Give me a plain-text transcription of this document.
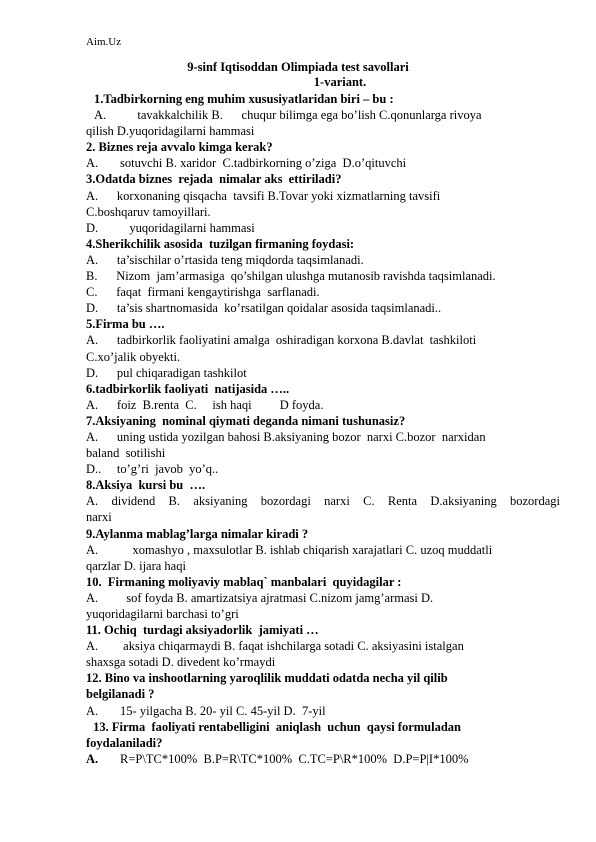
Aim.Uz
9-sinf Iqtisoddan Olimpiada test savollari
1-variant.
1.Tadbirkorning eng muhim xususiyatlaridan biri – bu :
A.          tavakkalchilik B.      chuqur bilimga ega bo’lish C.qonunlarga rivoya
qilish D.yuqoridagilarni hammasi
2. Biznes reja avvalo kimga kerak?
A.       sotuvchi B. xaridor  C.tadbirkorning o’ziga  D.o’qituvchi
3.Odatda biznes  rejada  nimalar aks  ettiriladi?
A.      korxonaning qisqacha  tavsifi B.Tovar yoki xizmatlarning tavsifi
C.boshqaruv tamoyillari.
D.          yuqoridagilarni hammasi
4.Sherikchilik asosida  tuzilgan firmaning foydasi:
A.      ta’sischilar o’rtasida teng miqdorda taqsimlanadi.
B.      Nizom  jam’armasiga  qo’shilgan ulushga mutanosib ravishda taqsimlanadi.
C.      faqat  firmani kengaytirishga  sarflanadi.
D.      ta’sis shartnomasida  ko’rsatilgan qoidalar asosida taqsimlanadi..
5.Firma bu ….
A.      tadbirkorlik faoliyatini amalga  oshiradigan korxona B.davlat  tashkiloti
C.xo’jalik obyekti.
D.      pul chiqaradigan tashkilot
6.tadbirkorlik faoliyati  natijasida …..
A.      foiz  B.renta  C.     ish haqi         D foyda.
7.Aksiyaning  nominal qiymati deganda nimani tushunasiz?
A.      uning ustida yozilgan bahosi B.aksiyaning bozor  narxi C.bozor  narxidan
baland  sotilishi
D..     to’g’ri  javob  yo’q..
8.Aksiya  kursi bu  ….
A. dividend B. aksiyaning bozordagi narxi C. Renta D.aksiyaning bozordagi
narxi
9.Aylanma mablag’larga nimalar kiradi ?
A.           xomashyo , maxsulotlar B. ishlab chiqarish xarajatlari C. uzoq muddatli
qarzlar D. ijara haqi
10.  Firmaning moliyaviy mablaq` manbalari  quyidagilar :
A.         sof foyda B. amartizatsiya ajratmasi C.nizom jamg’armasi D.
yuqoridagilarni barchasi to’gri
11. Ochiq  turdagi aksiyadorlik  jamiyati …
A.        aksiya chiqarmaydi B. faqat ishchilarga sotadi C. aksiyasini istalgan
shaxsga sotadi D. divedent ko’rmaydi
12. Bino va inshootlarning yaroqlilik muddati odatda necha yil qilib
belgilanadi ?
A.       15- yilgacha B. 20- yil C. 45-yil D.  7-yil
13. Firma  faoliyati rentabelligini  aniqlash  uchun  qaysi formuladan
foydalaniladi?
A.       R=P\TC*100%  B.P=R\TC*100%  C.TC=P\R*100%  D.P=P|I*100%
